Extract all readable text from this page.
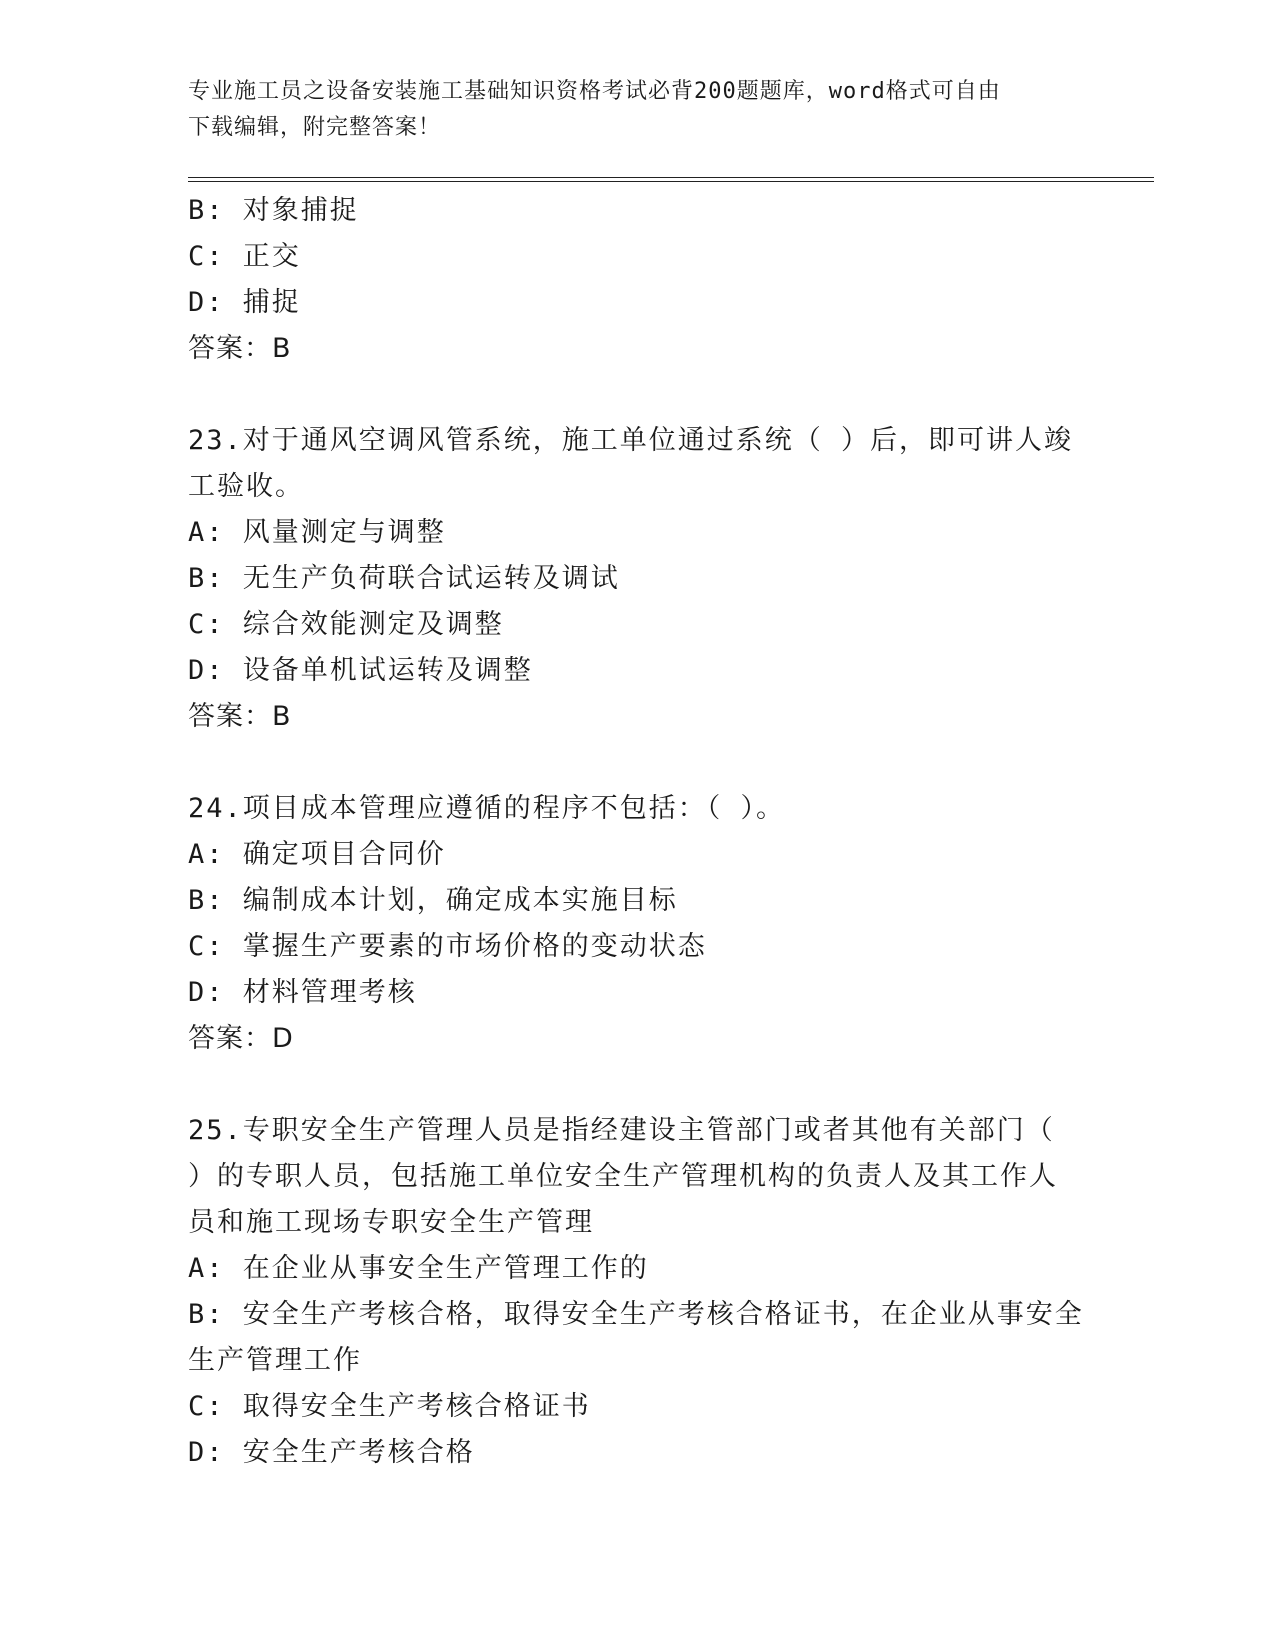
专业施工员之设备安装施工基础知识资格考试必背200题题库，word格式可自由
下载编辑，附完整答案！
B: 对象捕捉
C: 正交
D: 捕捉
答案：B
23.对于通风空调风管系统，施工单位通过系统（ ）后，即可讲人竣
工验收。
A: 风量测定与调整
B: 无生产负荷联合试运转及调试
C: 综合效能测定及调整
D: 设备单机试运转及调整
答案：B
24.项目成本管理应遵循的程序不包括：（ ）。
A: 确定项目合同价
B: 编制成本计划，确定成本实施目标
C: 掌握生产要素的市场价格的变动状态
D: 材料管理考核
答案：D
25.专职安全生产管理人员是指经建设主管部门或者其他有关部门（
）的专职人员，包括施工单位安全生产管理机构的负责人及其工作人
员和施工现场专职安全生产管理
A: 在企业从事安全生产管理工作的
B: 安全生产考核合格，取得安全生产考核合格证书，在企业从事安全
生产管理工作
C: 取得安全生产考核合格证书
D: 安全生产考核合格
